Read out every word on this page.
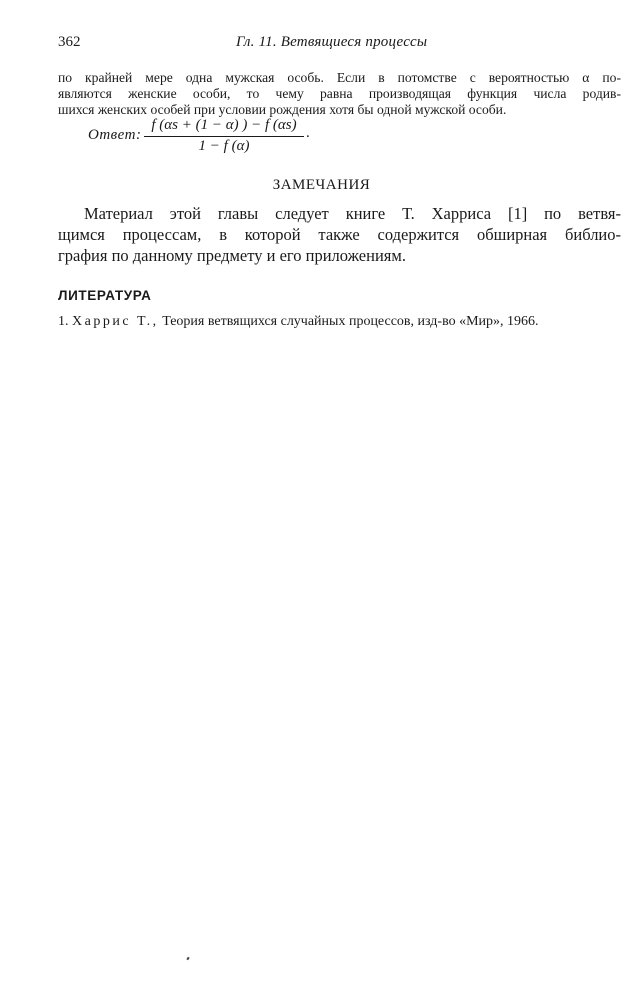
362	Гл. 11. Ветвящиеся процессы
по крайней мере одна мужская особь. Если в потомстве с вероятностью α по-
являются женские особи, то чему равна производящая функция числа родив-
шихся женских особей при условии рождения хотя бы одной мужской особи.
Ответ:
f (αs + (1 − α) ) − f (αs)
1 − f (α)
.
ЗАМЕЧАНИЯ
Материал этой главы следует книге Т. Харриса [1] по ветвя-
щимся процессам, в которой также содержится обширная библио-
графия по данному предмету и его приложениям.
ЛИТЕРАТУРА
1. Харрис Т., Теория ветвящихся случайных процессов, изд-во «Мир», 1966.
